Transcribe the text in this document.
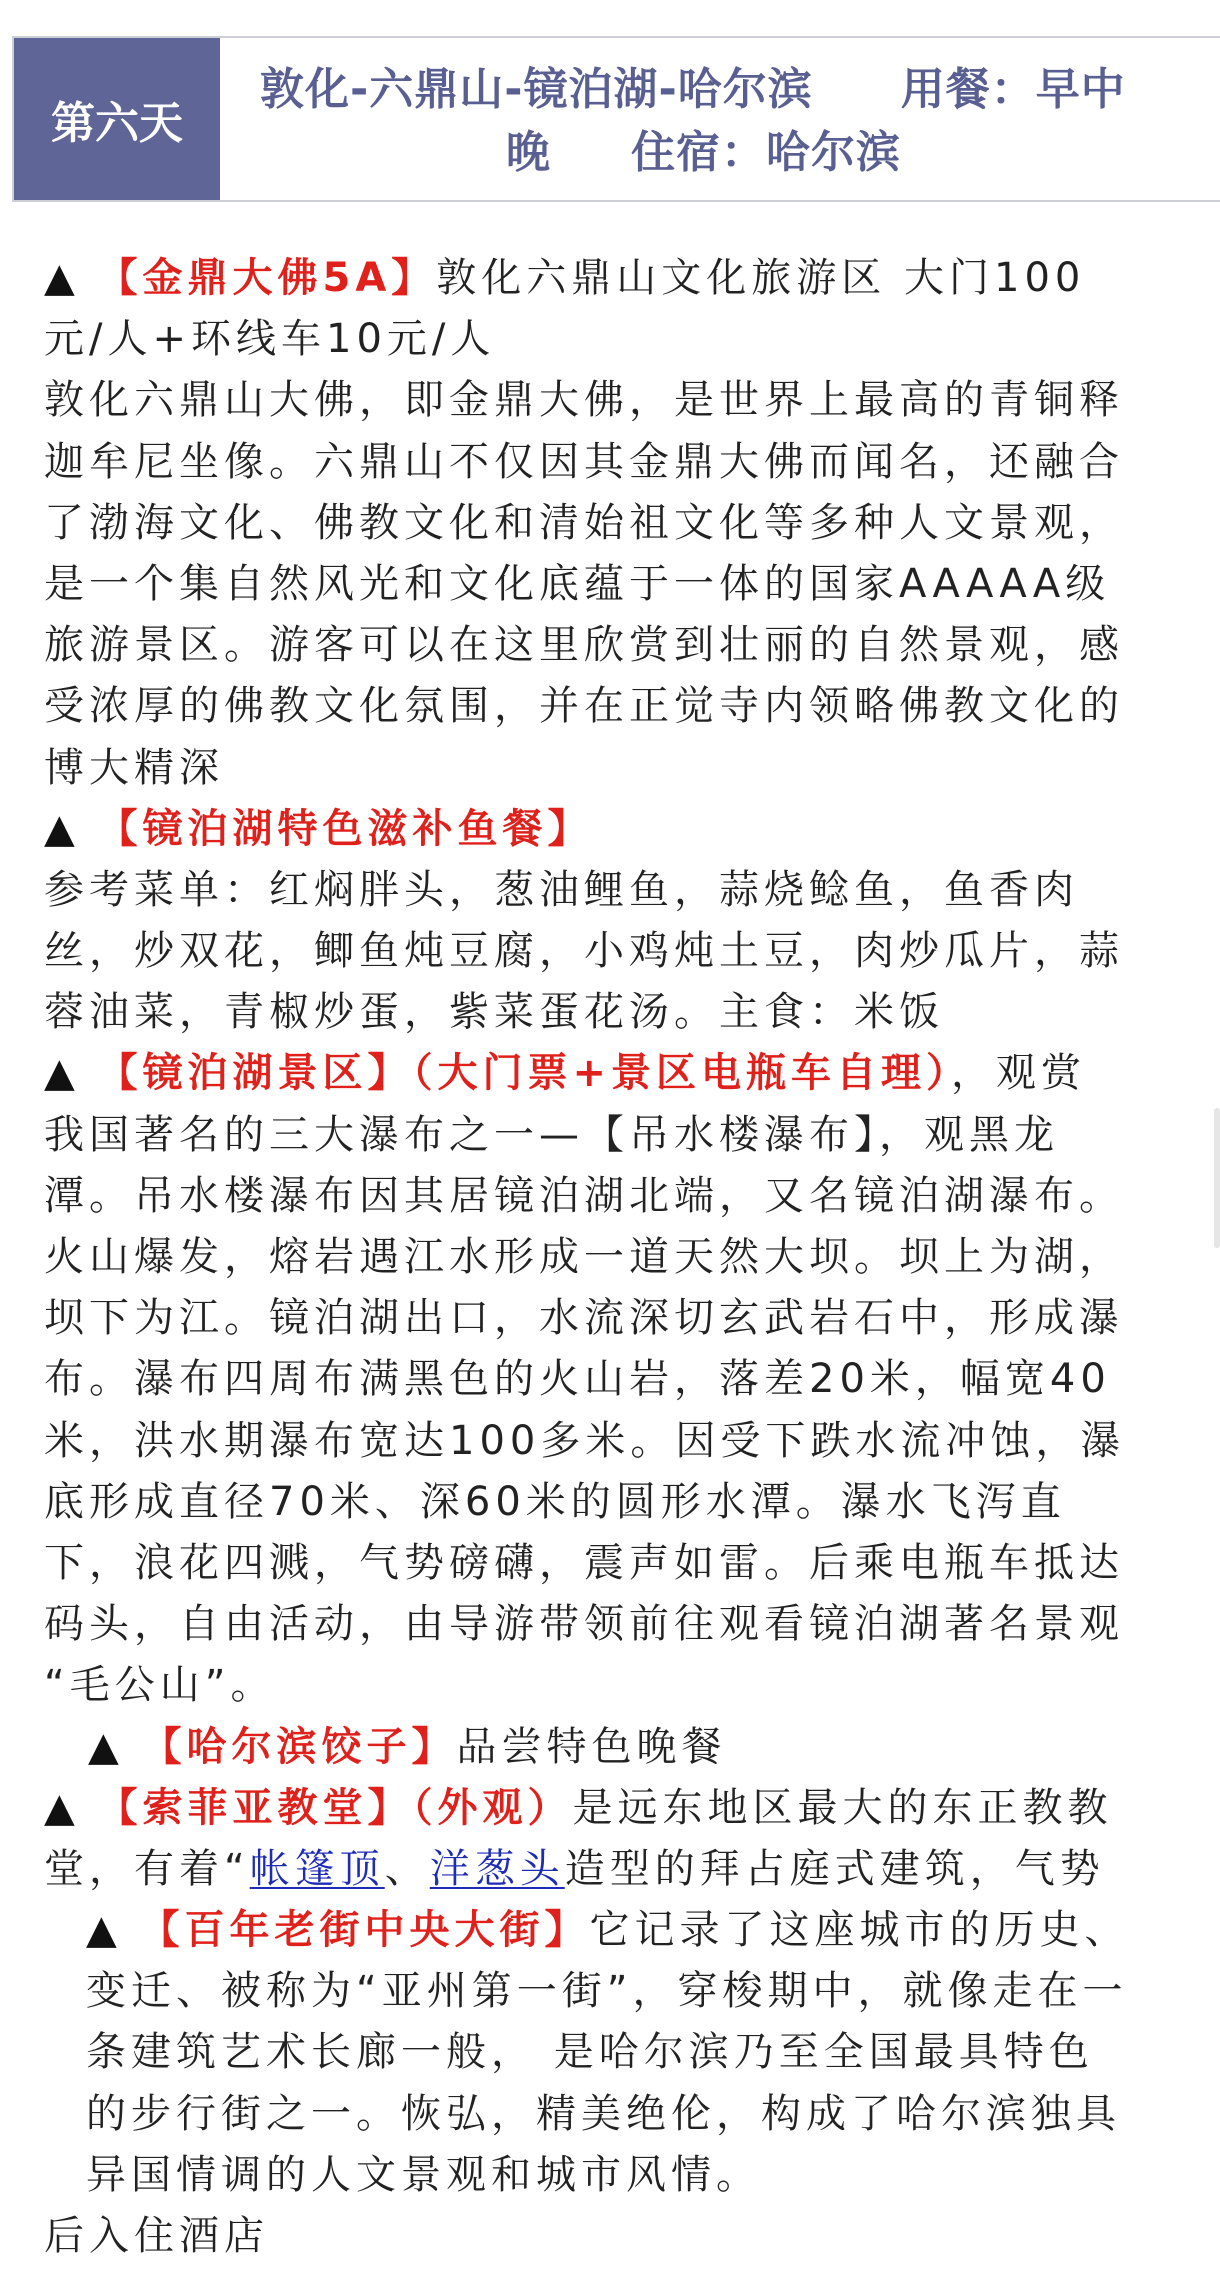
第六天
敦化-六鼎山-镜泊湖-哈尔滨 用餐：早中
晚 住宿：哈尔滨
▲ 【金鼎大佛5A】敦化六鼎山文化旅游区 大门100
元/人+环线车10元/人
敦化六鼎山大佛，即金鼎大佛，是世界上最高的青铜释
迦牟尼坐像。六鼎山不仅因其金鼎大佛而闻名，还融合
了渤海文化、佛教文化和清始祖文化等多种人文景观，
是一个集自然风光和文化底蕴于一体的国家AAAAA级
旅游景区。游客可以在这里欣赏到壮丽的自然景观，感
受浓厚的佛教文化氛围，并在正觉寺内领略佛教文化的
博大精深
▲ 【镜泊湖特色滋补鱼餐】
参考菜单：红焖胖头，葱油鲤鱼，蒜烧鲶鱼，鱼香肉
丝，炒双花，鲫鱼炖豆腐，小鸡炖土豆，肉炒瓜片，蒜
蓉油菜，青椒炒蛋，紫菜蛋花汤。主食：米饭
▲ 【镜泊湖景区】（大门票+景区电瓶车自理），观赏
我国著名的三大瀑布之一—【吊水楼瀑布】，观黑龙
潭。吊水楼瀑布因其居镜泊湖北端，又名镜泊湖瀑布。
火山爆发，熔岩遇江水形成一道天然大坝。坝上为湖，
坝下为江。镜泊湖出口，水流深切玄武岩石中，形成瀑
布。瀑布四周布满黑色的火山岩，落差20米，幅宽40
米，洪水期瀑布宽达100多米。因受下跌水流冲蚀，瀑
底形成直径70米、深60米的圆形水潭。瀑水飞泻直
下，浪花四溅，气势磅礴，震声如雷。后乘电瓶车抵达
码头，自由活动，由导游带领前往观看镜泊湖著名景观
“毛公山”。
▲ 【哈尔滨饺子】品尝特色晚餐
▲ 【索菲亚教堂】（外观）是远东地区最大的东正教教
堂，有着“帐篷顶、洋葱头造型的拜占庭式建筑，气势
▲ 【百年老街中央大街】它记录了这座城市的历史、
变迁、被称为“亚州第一街”，穿梭期中，就像走在一
条建筑艺术长廊一般， 是哈尔滨乃至全国最具特色
的步行街之一。恢弘，精美绝伦，构成了哈尔滨独具
异国情调的人文景观和城市风情。
后入住酒店
